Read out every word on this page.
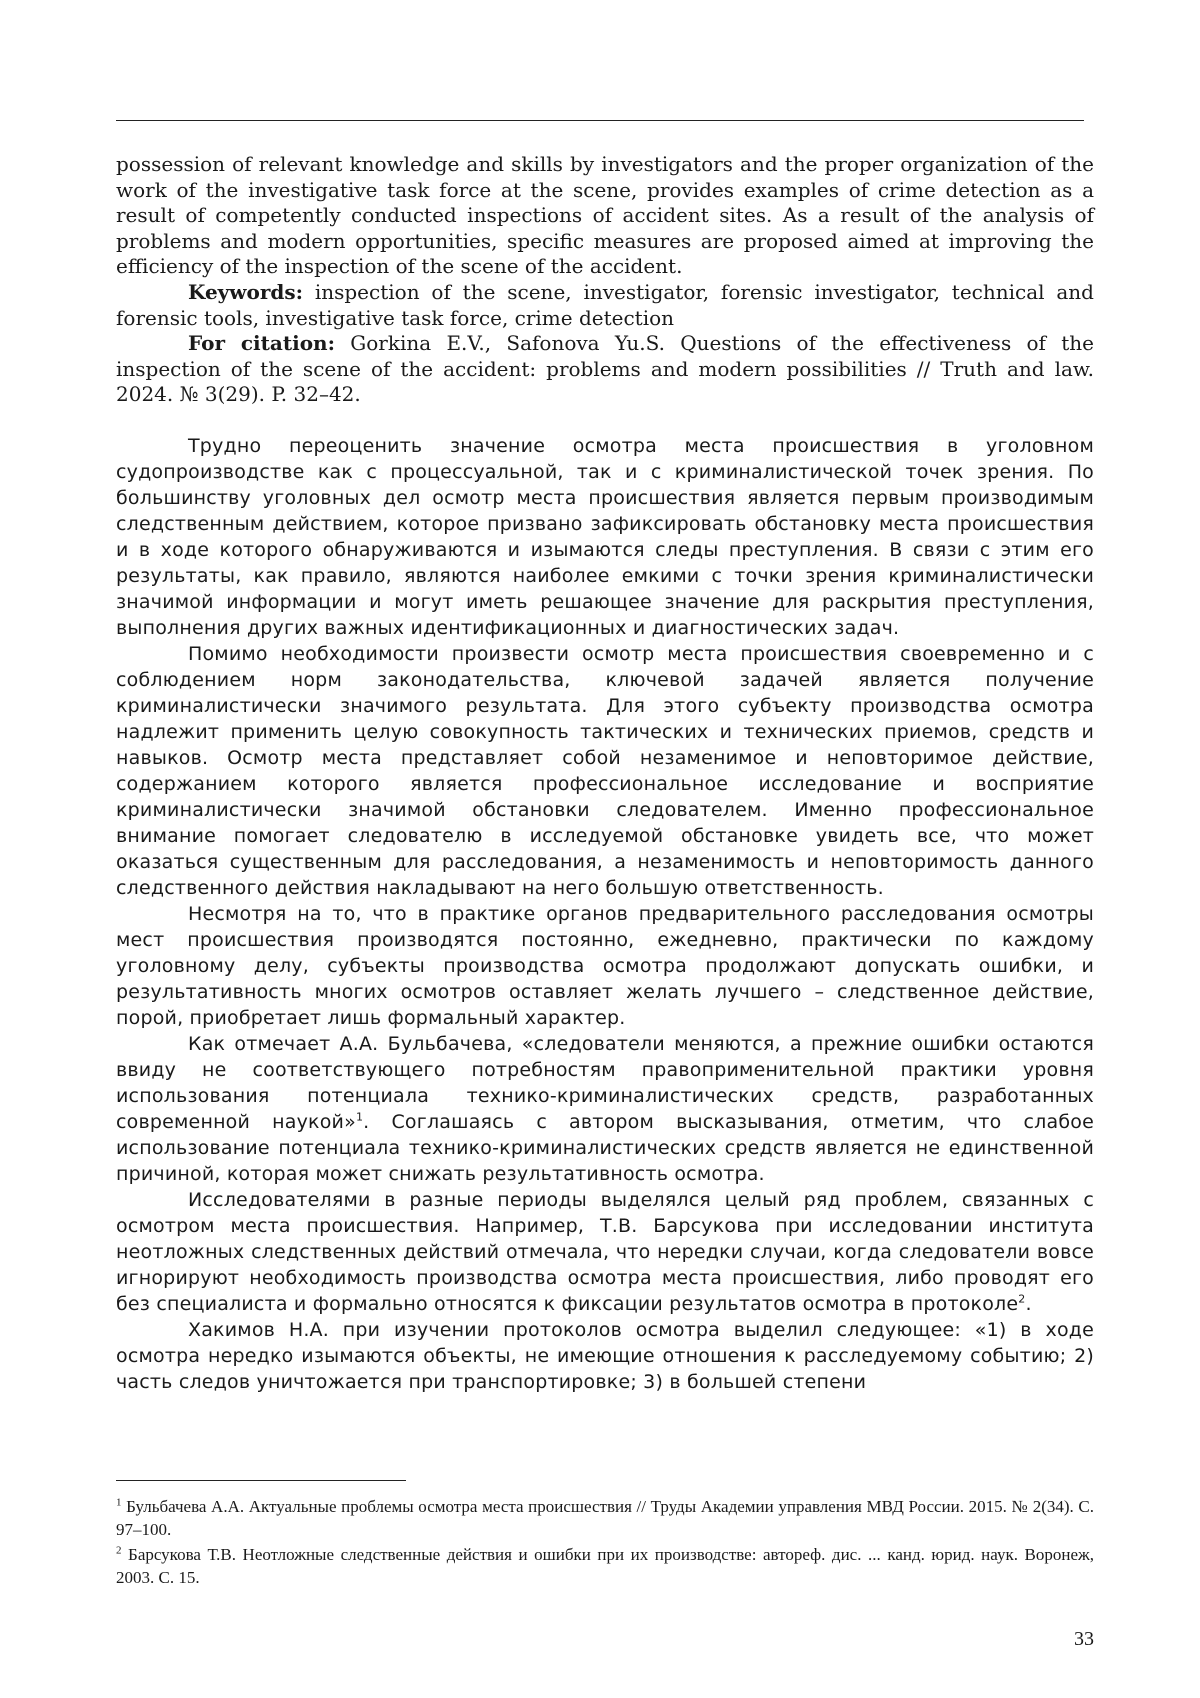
possession of relevant knowledge and skills by investigators and the proper organization of the work of the investigative task force at the scene, provides examples of crime detection as a result of competently conducted inspections of accident sites. As a result of the analysis of problems and modern opportunities, specific measures are proposed aimed at improving the efficiency of the inspection of the scene of the accident.

Keywords: inspection of the scene, investigator, forensic investigator, technical and forensic tools, investigative task force, crime detection

For citation: Gorkina E.V., Safonova Yu.S. Questions of the effectiveness of the inspection of the scene of the accident: problems and modern possibilities // Truth and law. 2024. № 3(29). P. 32–42.

Трудно переоценить значение осмотра места происшествия в уголовном судопроизводстве как с процессуальной, так и с криминалистической точек зрения. По большинству уголовных дел осмотр места происшествия является первым производимым следственным действием, которое призвано зафиксировать обстановку места происшествия и в ходе которого обнаруживаются и изымаются следы преступления. В связи с этим его результаты, как правило, являются наиболее емкими с точки зрения криминалистически значимой информации и могут иметь решающее значение для раскрытия преступления, выполнения других важных идентификационных и диагностических задач.

Помимо необходимости произвести осмотр места происшествия своевременно и с соблюдением норм законодательства, ключевой задачей является получение криминалистически значимого результата. Для этого субъекту производства осмотра надлежит применить целую совокупность тактических и технических приемов, средств и навыков. Осмотр места представляет собой незаменимое и неповторимое действие, содержанием которого является профессиональное исследование и восприятие криминалистически значимой обстановки следователем. Именно профессиональное внимание помогает следователю в исследуемой обстановке увидеть все, что может оказаться существенным для расследования, а незаменимость и неповторимость данного следственного действия накладывают на него большую ответственность.

Несмотря на то, что в практике органов предварительного расследования осмотры мест происшествия производятся постоянно, ежедневно, практически по каждому уголовному делу, субъекты производства осмотра продолжают допускать ошибки, и результативность многих осмотров оставляет желать лучшего – следственное действие, порой, приобретает лишь формальный характер.

Как отмечает А.А. Бульбачева, «следователи меняются, а прежние ошибки остаются ввиду не соответствующего потребностям правоприменительной практики уровня использования потенциала технико-криминалистических средств, разработанных современной наукой»$^1$. Соглашаясь с автором высказывания, отметим, что слабое использование потенциала технико-криминалистических средств является не единственной причиной, которая может снижать результативность осмотра.

Исследователями в разные периоды выделялся целый ряд проблем, связанных с осмотром места происшествия. Например, Т.В. Барсукова при исследовании института неотложных следственных действий отмечала, что нередки случаи, когда следователи вовсе игнорируют необходимость производства осмотра места происшествия, либо проводят его без специалиста и формально относятся к фиксации результатов осмотра в протоколе$^2$.

Хакимов Н.А. при изучении протоколов осмотра выделил следующее: «1) в ходе осмотра нередко изымаются объекты, не имеющие отношения к расследуемому событию; 2) часть следов уничтожается при транспортировке; 3) в большей степени

$^1$ Бульбачева А.А. Актуальные проблемы осмотра места происшествия // Труды Академии управления МВД России. 2015. № 2(34). С. 97–100.

$^2$ Барсукова Т.В. Неотложные следственные действия и ошибки при их производстве: автореф. дис. ... канд. юрид. наук. Воронеж, 2003. С. 15.

33
